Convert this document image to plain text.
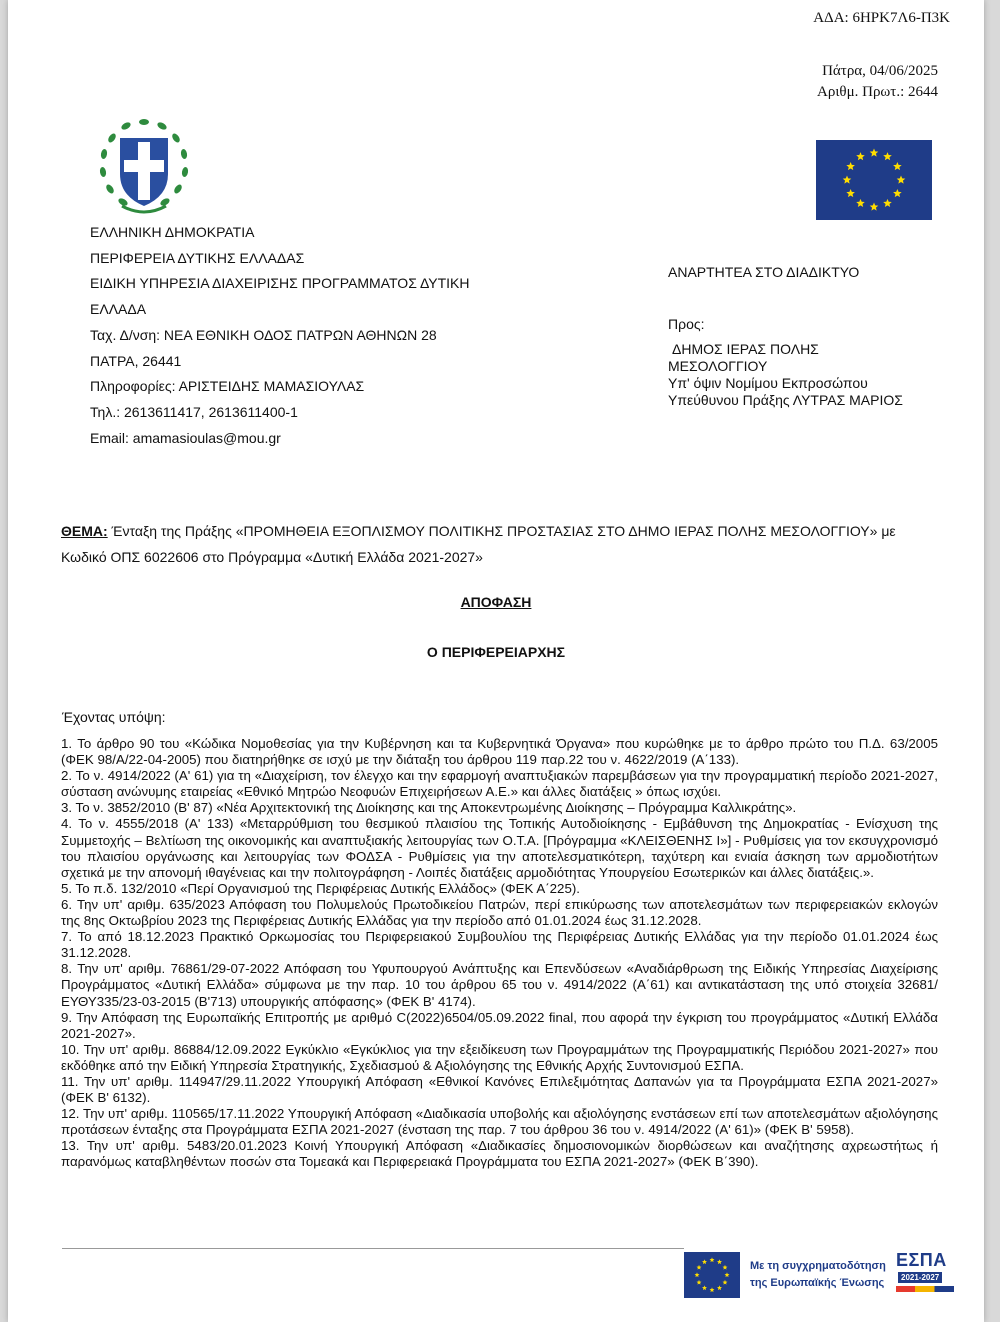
ΑΔΑ: 6ΗΡΚ7Λ6-Π3Κ
Πάτρα, 04/06/2025
Αριθμ. Πρωτ.: 2644
ΕΛΛΗΝΙΚΗ ΔΗΜΟΚΡΑΤΙΑ
ΠΕΡΙΦΕΡΕΙΑ ΔΥΤΙΚΗΣ ΕΛΛΑΔΑΣ
ΕΙΔΙΚΗ ΥΠΗΡΕΣΙΑ ΔΙΑΧΕΙΡΙΣΗΣ ΠΡΟΓΡΑΜΜΑΤΟΣ ΔΥΤΙΚΗ
ΕΛΛΑΔΑ
Ταχ. Δ/νση: ΝΕΑ ΕΘΝΙΚΗ ΟΔΟΣ ΠΑΤΡΩΝ ΑΘΗΝΩΝ 28
ΠΑΤΡΑ, 26441
Πληροφορίες: ΑΡΙΣΤΕΙΔΗΣ ΜΑΜΑΣΙΟΥΛΑΣ
Τηλ.: 2613611417, 2613611400-1
Email: amamasioulas@mou.gr
ΑΝΑΡΤΗΤΕΑ ΣΤΟ ΔΙΑΔΙΚΤΥΟ
Προς:
ΔΗΜΟΣ ΙΕΡΑΣ ΠΟΛΗΣ
ΜΕΣΟΛΟΓΓΙΟΥ
Υπ' όψιν Νομίμου Εκπροσώπου
Υπεύθυνου Πράξης ΛΥΤΡΑΣ ΜΑΡΙΟΣ
ΘΕΜΑ: Ένταξη της Πράξης «ΠΡΟΜΗΘΕΙΑ ΕΞΟΠΛΙΣΜΟΥ ΠΟΛΙΤΙΚΗΣ ΠΡΟΣΤΑΣΙΑΣ ΣΤΟ ΔΗΜΟ ΙΕΡΑΣ ΠΟΛΗΣ ΜΕΣΟΛΟΓΓΙΟΥ» με Κωδικό ΟΠΣ 6022606 στο Πρόγραμμα «Δυτική Ελλάδα 2021-2027»
ΑΠΟΦΑΣΗ
Ο ΠΕΡΙΦΕΡΕΙΑΡΧΗΣ
Έχοντας υπόψη:

1. Το άρθρο 90 του «Κώδικα Νομοθεσίας για την Κυβέρνηση και τα Κυβερνητικά Όργανα» που κυρώθηκε με το άρθρο πρώτο του Π.Δ. 63/2005 (ΦΕΚ 98/Α/22-04-2005) που διατηρήθηκε σε ισχύ με την διάταξη του άρθρου 119 παρ.22 του ν. 4622/2019 (Α΄133).

2. Το ν. 4914/2022 (Α' 61) για τη «Διαχείριση, τον έλεγχο και την εφαρμογή αναπτυξιακών παρεμβάσεων για την προγραμματική περίοδο 2021-2027, σύσταση ανώνυμης εταιρείας «Εθνικό Μητρώο Νεοφυών Επιχειρήσεων Α.Ε.» και άλλες διατάξεις » όπως ισχύει.

3. Το ν. 3852/2010 (Β' 87) «Νέα Αρχιτεκτονική της Διοίκησης και της Αποκεντρωμένης Διοίκησης – Πρόγραμμα Καλλικράτης».

4. Το ν. 4555/2018 (Α' 133) «Μεταρρύθμιση του θεσμικού πλαισίου της Τοπικής Αυτοδιοίκησης - Εμβάθυνση της Δημοκρατίας - Ενίσχυση της Συμμετοχής – Βελτίωση της οικονομικής και αναπτυξιακής λειτουργίας των Ο.Τ.Α. [Πρόγραμμα «ΚΛΕΙΣΘΕΝΗΣ Ι»] - Ρυθμίσεις για τον εκσυγχρονισμό του πλαισίου οργάνωσης και λειτουργίας των ΦΟΔΣΑ - Ρυθμίσεις για την αποτελεσματικότερη, ταχύτερη και ενιαία άσκηση των αρμοδιοτήτων σχετικά με την απονομή ιθαγένειας και την πολιτογράφηση - Λοιπές διατάξεις αρμοδιότητας Υπουργείου Εσωτερικών και άλλες διατάξεις.».

5. Το π.δ. 132/2010 «Περί Οργανισμού της Περιφέρειας Δυτικής Ελλάδος» (ΦΕΚ Α΄225).

6. Την υπ' αριθμ. 635/2023 Απόφαση του Πολυμελούς Πρωτοδικείου Πατρών, περί επικύρωσης των αποτελεσμάτων των περιφερειακών εκλογών της 8ης Οκτωβρίου 2023 της Περιφέρειας Δυτικής Ελλάδας για την περίοδο από 01.01.2024 έως 31.12.2028.

7. Το από 18.12.2023 Πρακτικό Ορκωμοσίας του Περιφερειακού Συμβουλίου της Περιφέρειας Δυτικής Ελλάδας για την περίοδο 01.01.2024 έως 31.12.2028.

8. Την υπ' αριθμ. 76861/29-07-2022 Απόφαση του Υφυπουργού Ανάπτυξης και Επενδύσεων «Αναδιάρθρωση της Ειδικής Υπηρεσίας Διαχείρισης Προγράμματος «Δυτική Ελλάδα» σύμφωνα με την παρ. 10 του άρθρου 65 του ν. 4914/2022 (Α΄61) και αντικατάσταση της υπό στοιχεία 32681/ΕΥΘΥ335/23-03-2015 (Β'713) υπουργικής απόφασης» (ΦΕΚ Β' 4174).

9. Την Απόφαση της Ευρωπαϊκής Επιτροπής με αριθμό C(2022)6504/05.09.2022 final, που αφορά την έγκριση του προγράμματος «Δυτική Ελλάδα 2021-2027».

10. Την υπ' αριθμ. 86884/12.09.2022 Εγκύκλιο «Εγκύκλιος για την εξειδίκευση των Προγραμμάτων της Προγραμματικής Περιόδου 2021-2027» που εκδόθηκε από την Ειδική Υπηρεσία Στρατηγικής, Σχεδιασμού & Αξιολόγησης της Εθνικής Αρχής Συντονισμού ΕΣΠΑ.

11. Την υπ' αριθμ. 114947/29.11.2022 Υπουργική Απόφαση «Εθνικοί Κανόνες Επιλεξιμότητας Δαπανών για τα Προγράμματα ΕΣΠΑ 2021-2027» (ΦΕΚ Β' 6132).

12. Την υπ' αριθμ. 110565/17.11.2022 Υπουργική Απόφαση «Διαδικασία υποβολής και αξιολόγησης ενστάσεων επί των αποτελεσμάτων αξιολόγησης προτάσεων ένταξης στα Προγράμματα ΕΣΠΑ 2021-2027 (ένσταση της παρ. 7 του άρθρου 36 του ν. 4914/2022 (Α' 61)» (ΦΕΚ Β' 5958).

13. Την υπ' αριθμ. 5483/20.01.2023 Κοινή Υπουργική Απόφαση «Διαδικασίες δημοσιονομικών διορθώσεων και αναζήτησης αχρεωστήτως ή παρανόμως καταβληθέντων ποσών στα Τομεακά και Περιφερειακά Προγράμματα του ΕΣΠΑ 2021-2027» (ΦΕΚ Β΄390).

Με τη συγχρηματοδότηση
της Ευρωπαϊκής Ένωσης
ΕΣΠΑ
2021-2027
